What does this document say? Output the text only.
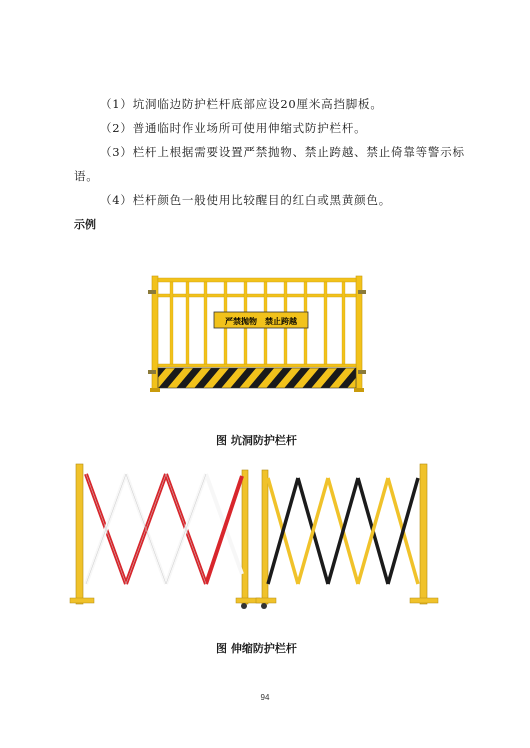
（1）坑洞临边防护栏杆底部应设20厘米高挡脚板。
（2）普通临时作业场所可使用伸缩式防护栏杆。
（3）栏杆上根据需要设置严禁抛物、禁止跨越、禁止倚靠等警示标
语。
（4）栏杆颜色一般使用比较醒目的红白或黑黄颜色。
示例
严禁抛物　禁止跨越
图 坑洞防护栏杆
图 伸缩防护栏杆
94
